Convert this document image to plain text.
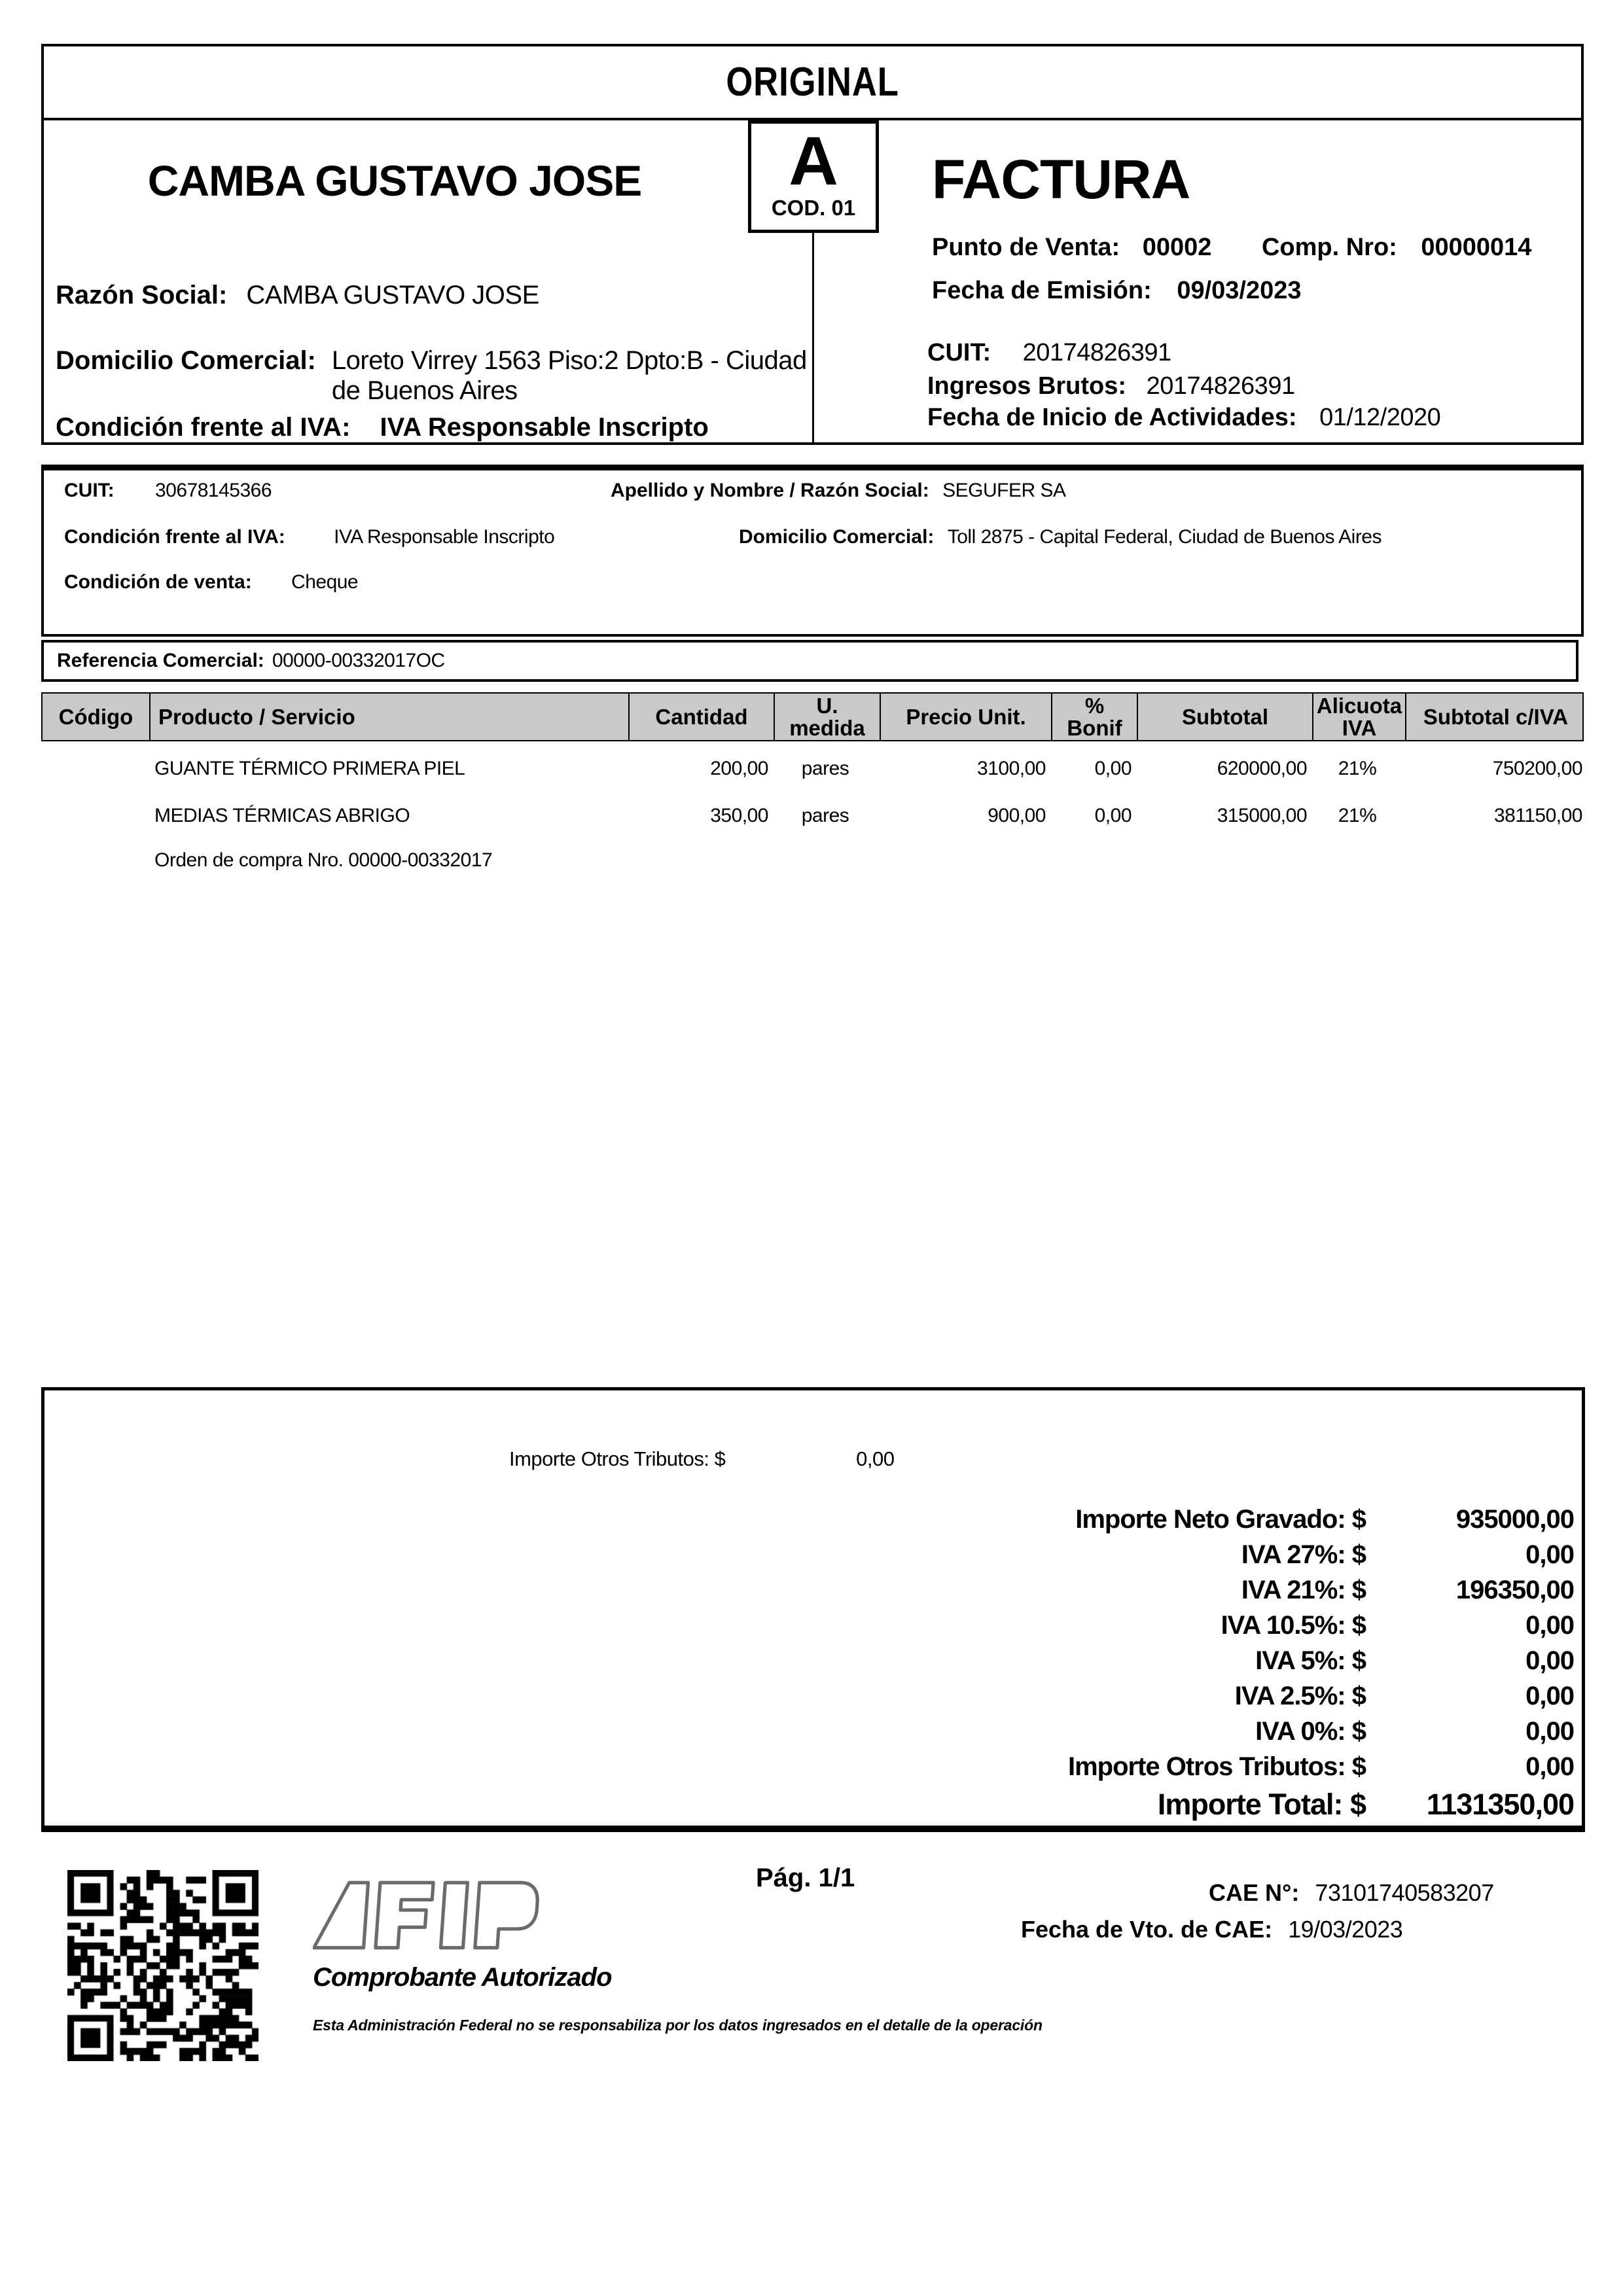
ORIGINAL
CAMBA GUSTAVO JOSE	A
COD. 01	FACTURA
Punto de Venta: 00002 Comp. Nro: 00000014
Fecha de Emisión: 09/03/2023
CUIT: 20174826391
Ingresos Brutos: 20174826391
Fecha de Inicio de Actividades: 01/12/2020
Razón Social: CAMBA GUSTAVO JOSE
Domicilio Comercial: Loreto Virrey 1563 Piso:2 Dpto:B - Ciudad
de Buenos Aires
Condición frente al IVA: IVA Responsable Inscripto
CUIT: 30678145366	Apellido y Nombre / Razón Social: SEGUFER SA
Condición frente al IVA: IVA Responsable Inscripto	Domicilio Comercial: Toll 2875 - Capital Federal, Ciudad de Buenos Aires
Condición de venta: Cheque
Referencia Comercial: 00000-00332017OC
Código	Producto / Servicio	Cantidad	U. medida	Precio Unit.	% Bonif	Subtotal	Alicuota IVA	Subtotal c/IVA
GUANTE TÉRMICO PRIMERA PIEL	200,00	pares	3100,00	0,00	620000,00	21%	750200,00
MEDIAS TÉRMICAS ABRIGO	350,00	pares	900,00	0,00	315000,00	21%	381150,00
Orden de compra Nro. 00000-00332017
Importe Otros Tributos: $	0,00
Importe Neto Gravado: $	935000,00
IVA 27%: $	0,00
IVA 21%: $	196350,00
IVA 10.5%: $	0,00
IVA 5%: $	0,00
IVA 2.5%: $	0,00
IVA 0%: $	0,00
Importe Otros Tributos: $	0,00
Importe Total: $	1131350,00
Comprobante Autorizado
Esta Administración Federal no se responsabiliza por los datos ingresados en el detalle de la operación
Pág. 1/1
CAE N°: 73101740583207
Fecha de Vto. de CAE: 19/03/2023
